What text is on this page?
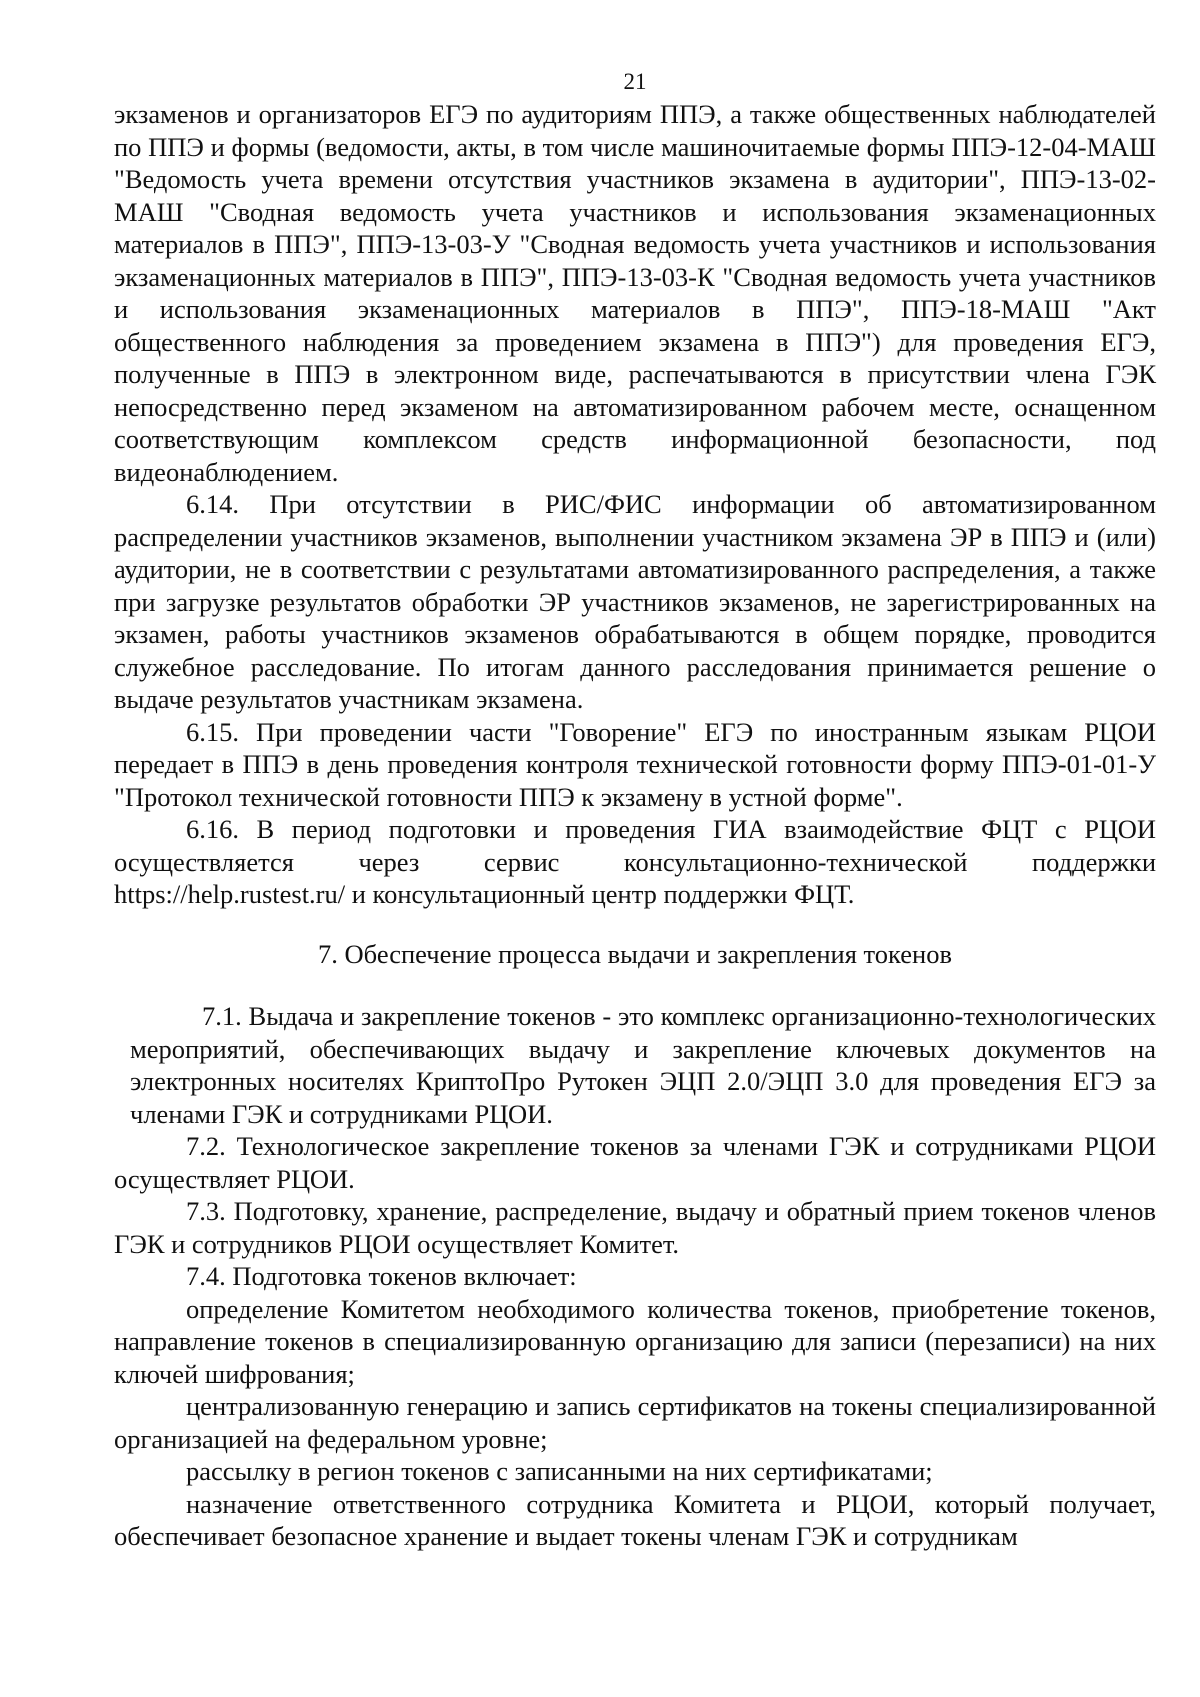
21

экзаменов и организаторов ЕГЭ по аудиториям ППЭ, а также общественных наблюдателей по ППЭ и формы (ведомости, акты, в том числе машиночитаемые формы ППЭ-12-04-МАШ "Ведомость учета времени отсутствия участников экзамена в аудитории", ППЭ-13-02-МАШ "Сводная ведомость учета участников и использования экзаменационных материалов в ППЭ", ППЭ-13-03-У "Сводная ведомость учета участников и использования экзаменационных материалов в ППЭ", ППЭ-13-03-К "Сводная ведомость учета участников и использования экзаменационных материалов в ППЭ", ППЭ-18-МАШ "Акт общественного наблюдения за проведением экзамена в ППЭ") для проведения ЕГЭ, полученные в ППЭ в электронном виде, распечатываются в присутствии члена ГЭК непосредственно перед экзаменом на автоматизированном рабочем месте, оснащенном соответствующим комплексом средств информационной безопасности, под видеонаблюдением.

6.14. При отсутствии в РИС/ФИС информации об автоматизированном распределении участников экзаменов, выполнении участником экзамена ЭР в ППЭ и (или) аудитории, не в соответствии с результатами автоматизированного распределения, а также при загрузке результатов обработки ЭР участников экзаменов, не зарегистрированных на экзамен, работы участников экзаменов обрабатываются в общем порядке, проводится служебное расследование. По итогам данного расследования принимается решение о выдаче результатов участникам экзамена.

6.15. При проведении части "Говорение" ЕГЭ по иностранным языкам РЦОИ передает в ППЭ в день проведения контроля технической готовности форму ППЭ-01-01-У "Протокол технической готовности ППЭ к экзамену в устной форме".

6.16. В период подготовки и проведения ГИА взаимодействие ФЦТ с РЦОИ осуществляется через сервис консультационно-технической поддержки https://help.rustest.ru/ и консультационный центр поддержки ФЦТ.

7. Обеспечение процесса выдачи и закрепления токенов

7.1. Выдача и закрепление токенов - это комплекс организационно-технологических мероприятий, обеспечивающих выдачу и закрепление ключевых документов на электронных носителях КриптоПро Рутокен ЭЦП 2.0/ЭЦП 3.0 для проведения ЕГЭ за членами ГЭК и сотрудниками РЦОИ.

7.2. Технологическое закрепление токенов за членами ГЭК и сотрудниками РЦОИ осуществляет РЦОИ.

7.3. Подготовку, хранение, распределение, выдачу и обратный прием токенов членов ГЭК и сотрудников РЦОИ осуществляет Комитет.

7.4. Подготовка токенов включает:

определение Комитетом необходимого количества токенов, приобретение токенов, направление токенов в специализированную организацию для записи (перезаписи) на них ключей шифрования;

централизованную генерацию и запись сертификатов на токены специализированной организацией на федеральном уровне;

рассылку в регион токенов с записанными на них сертификатами;

назначение ответственного сотрудника Комитета и РЦОИ, который получает, обеспечивает безопасное хранение и выдает токены членам ГЭК и сотрудникам
